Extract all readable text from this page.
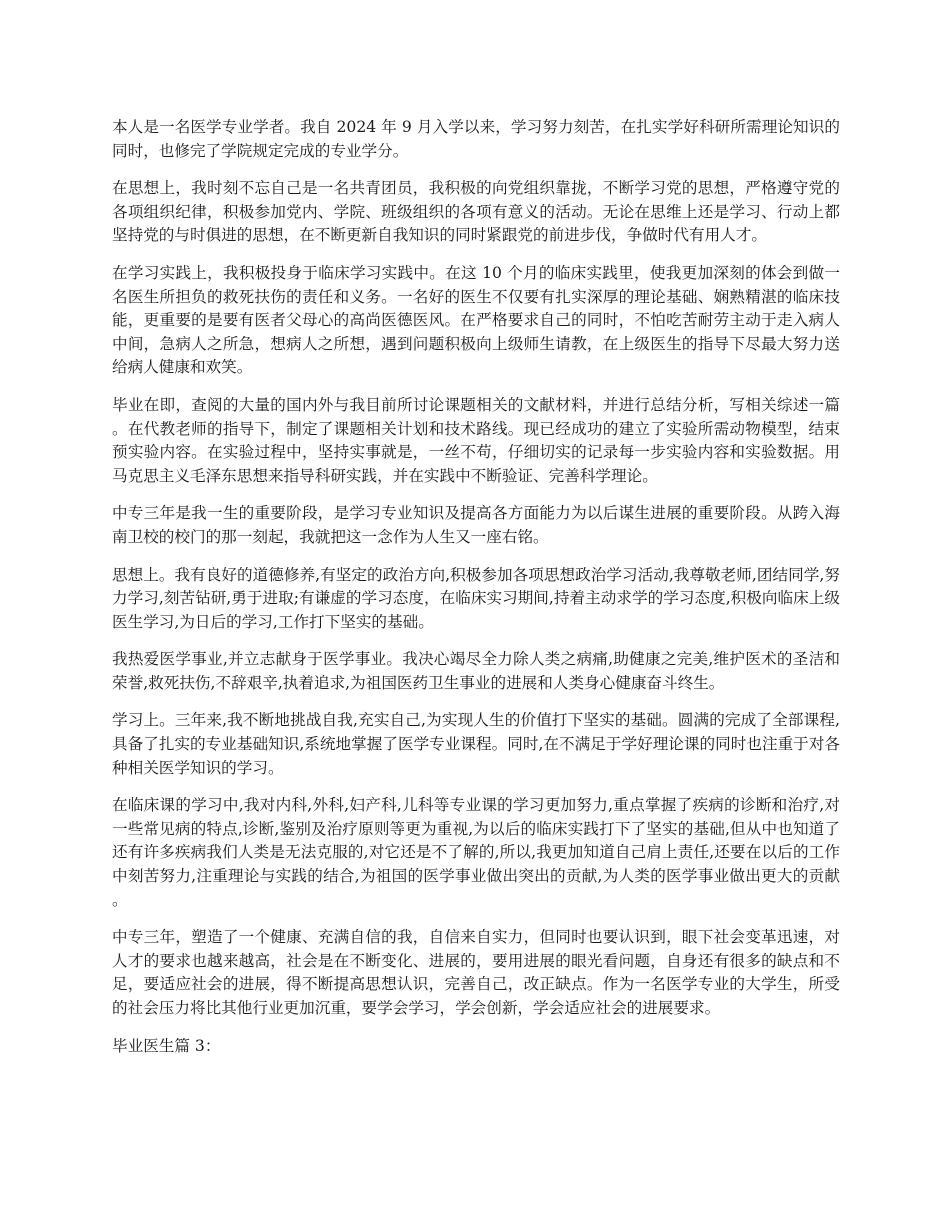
本人是一名医学专业学者。我自 2024 年 9 月入学以来，学习努力刻苦，在扎实学好科研所需理论知识的同时，也修完了学院规定完成的专业学分。

在思想上，我时刻不忘自己是一名共青团员，我积极的向党组织靠拢，不断学习党的思想，严格遵守党的各项组织纪律，积极参加党内、学院、班级组织的各项有意义的活动。无论在思维上还是学习、行动上都坚持党的与时俱进的思想，在不断更新自我知识的同时紧跟党的前进步伐，争做时代有用人才。

在学习实践上，我积极投身于临床学习实践中。在这 10 个月的临床实践里，使我更加深刻的体会到做一名医生所担负的救死扶伤的责任和义务。一名好的医生不仅要有扎实深厚的理论基础、娴熟精湛的临床技能，更重要的是要有医者父母心的高尚医德医风。在严格要求自己的同时，不怕吃苦耐劳主动于走入病人中间，急病人之所急，想病人之所想，遇到问题积极向上级师生请教，在上级医生的指导下尽最大努力送给病人健康和欢笑。

毕业在即，查阅的大量的国内外与我目前所讨论课题相关的文献材料，并进行总结分析，写相关综述一篇。在代教老师的指导下，制定了课题相关计划和技术路线。现已经成功的建立了实验所需动物模型，结束预实验内容。在实验过程中，坚持实事就是，一丝不苟，仔细切实的记录每一步实验内容和实验数据。用马克思主义毛泽东思想来指导科研实践，并在实践中不断验证、完善科学理论。

中专三年是我一生的重要阶段，是学习专业知识及提高各方面能力为以后谋生进展的重要阶段。从跨入海南卫校的校门的那一刻起，我就把这一念作为人生又一座右铭。

思想上。我有良好的道德修养,有坚定的政治方向,积极参加各项思想政治学习活动,我尊敬老师,团结同学,努力学习,刻苦钻研,勇于进取;有谦虚的学习态度，在临床实习期间,持着主动求学的学习态度,积极向临床上级医生学习,为日后的学习,工作打下坚实的基础。

我热爱医学事业,并立志献身于医学事业。我决心竭尽全力除人类之病痛,助健康之完美,维护医术的圣洁和荣誉,救死扶伤,不辞艰辛,执着追求,为祖国医药卫生事业的进展和人类身心健康奋斗终生。

学习上。三年来,我不断地挑战自我,充实自己,为实现人生的价值打下坚实的基础。圆满的完成了全部课程,具备了扎实的专业基础知识,系统地掌握了医学专业课程。同时,在不满足于学好理论课的同时也注重于对各种相关医学知识的学习。

在临床课的学习中,我对内科,外科,妇产科,儿科等专业课的学习更加努力,重点掌握了疾病的诊断和治疗,对一些常见病的特点,诊断,鉴别及治疗原则等更为重视,为以后的临床实践打下了坚实的基础,但从中也知道了还有许多疾病我们人类是无法克服的,对它还是不了解的,所以,我更加知道自己肩上责任,还要在以后的工作中刻苦努力,注重理论与实践的结合,为祖国的医学事业做出突出的贡献,为人类的医学事业做出更大的贡献。

中专三年，塑造了一个健康、充满自信的我，自信来自实力，但同时也要认识到，眼下社会变革迅速，对人才的要求也越来越高，社会是在不断变化、进展的，要用进展的眼光看问题，自身还有很多的缺点和不足，要适应社会的进展，得不断提高思想认识，完善自己，改正缺点。作为一名医学专业的大学生，所受的社会压力将比其他行业更加沉重，要学会学习，学会创新，学会适应社会的进展要求。

毕业医生篇 3：
